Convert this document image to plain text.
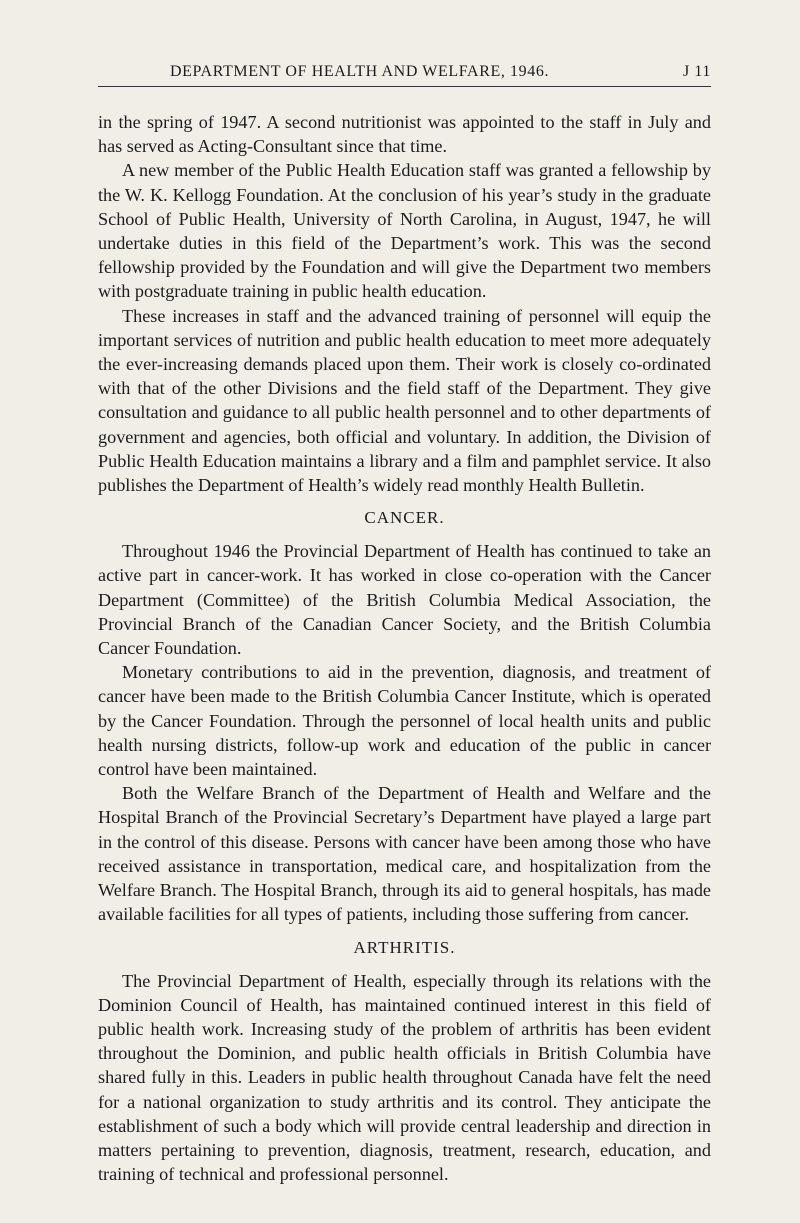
DEPARTMENT OF HEALTH AND WELFARE, 1946.	J 11

in the spring of 1947. A second nutritionist was appointed to the staff in July and has served as Acting-Consultant since that time.

A new member of the Public Health Education staff was granted a fellowship by the W. K. Kellogg Foundation. At the conclusion of his year’s study in the graduate School of Public Health, University of North Carolina, in August, 1947, he will undertake duties in this field of the Department’s work. This was the second fellowship provided by the Foundation and will give the Department two members with postgraduate training in public health education.

These increases in staff and the advanced training of personnel will equip the important services of nutrition and public health education to meet more adequately the ever-increasing demands placed upon them. Their work is closely co-ordinated with that of the other Divisions and the field staff of the Department. They give consultation and guidance to all public health personnel and to other departments of government and agencies, both official and voluntary. In addition, the Division of Public Health Education maintains a library and a film and pamphlet service. It also publishes the Department of Health’s widely read monthly Health Bulletin.

CANCER.

Throughout 1946 the Provincial Department of Health has continued to take an active part in cancer-work. It has worked in close co-operation with the Cancer Department (Committee) of the British Columbia Medical Association, the Provincial Branch of the Canadian Cancer Society, and the British Columbia Cancer Foundation.

Monetary contributions to aid in the prevention, diagnosis, and treatment of cancer have been made to the British Columbia Cancer Institute, which is operated by the Cancer Foundation. Through the personnel of local health units and public health nursing districts, follow-up work and education of the public in cancer control have been maintained.

Both the Welfare Branch of the Department of Health and Welfare and the Hospital Branch of the Provincial Secretary’s Department have played a large part in the control of this disease. Persons with cancer have been among those who have received assistance in transportation, medical care, and hospitalization from the Welfare Branch. The Hospital Branch, through its aid to general hospitals, has made available facilities for all types of patients, including those suffering from cancer.

ARTHRITIS.

The Provincial Department of Health, especially through its relations with the Dominion Council of Health, has maintained continued interest in this field of public health work. Increasing study of the problem of arthritis has been evident throughout the Dominion, and public health officials in British Columbia have shared fully in this. Leaders in public health throughout Canada have felt the need for a national organization to study arthritis and its control. They anticipate the establishment of such a body which will provide central leadership and direction in matters pertaining to prevention, diagnosis, treatment, research, education, and training of technical and professional personnel.
